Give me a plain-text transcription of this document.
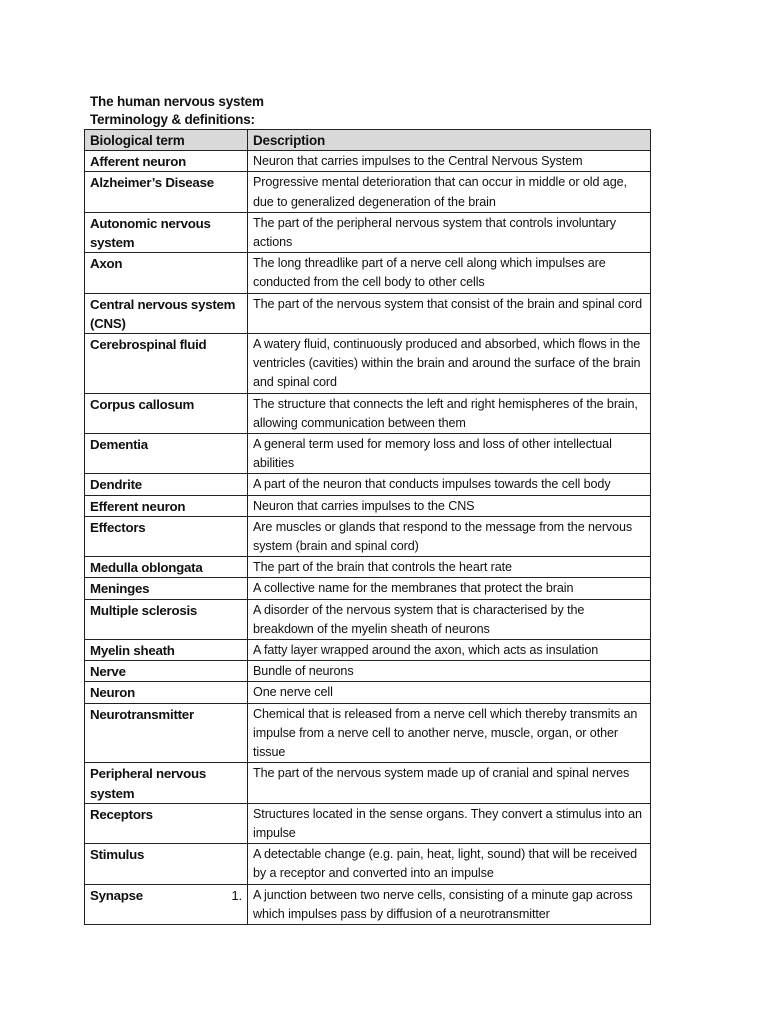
The human nervous system
Terminology & definitions:
Biological term	Description
Afferent neuron	Neuron that carries impulses to the Central Nervous System
Alzheimer’s Disease	Progressive mental deterioration that can occur in middle or old age, due to generalized degeneration of the brain
Autonomic nervous system	The part of the peripheral nervous system that controls involuntary actions
Axon	The long threadlike part of a nerve cell along which impulses are conducted from the cell body to other cells
Central nervous system (CNS)	The part of the nervous system that consist of the brain and spinal cord
Cerebrospinal fluid	A watery fluid, continuously produced and absorbed, which flows in the ventricles (cavities) within the brain and around the surface of the brain and spinal cord
Corpus callosum	The structure that connects the left and right hemispheres of the brain, allowing communication between them
Dementia	A general term used for memory loss and loss of other intellectual abilities
Dendrite	A part of the neuron that conducts impulses towards the cell body
Efferent neuron	Neuron that carries impulses to the CNS
Effectors	Are muscles or glands that respond to the message from the nervous system (brain and spinal cord)
Medulla oblongata	The part of the brain that controls the heart rate
Meninges	A collective name for the membranes that protect the brain
Multiple sclerosis	A disorder of the nervous system that is characterised by the breakdown of the myelin sheath of neurons
Myelin sheath	A fatty layer wrapped around the axon, which acts as insulation
Nerve	Bundle of neurons
Neuron	One nerve cell
Neurotransmitter	Chemical that is released from a nerve cell which thereby transmits an impulse from a nerve cell to another nerve, muscle, organ, or other tissue
Peripheral nervous system	The part of the nervous system made up of cranial and spinal nerves
Receptors	Structures located in the sense organs. They convert a stimulus into an impulse
Stimulus	A detectable change (e.g. pain, heat, light, sound) that will be received by a receptor and converted into an impulse

1.
Synapse	A junction between two nerve cells, consisting of a minute gap across which impulses pass by diffusion of a neurotransmitter
